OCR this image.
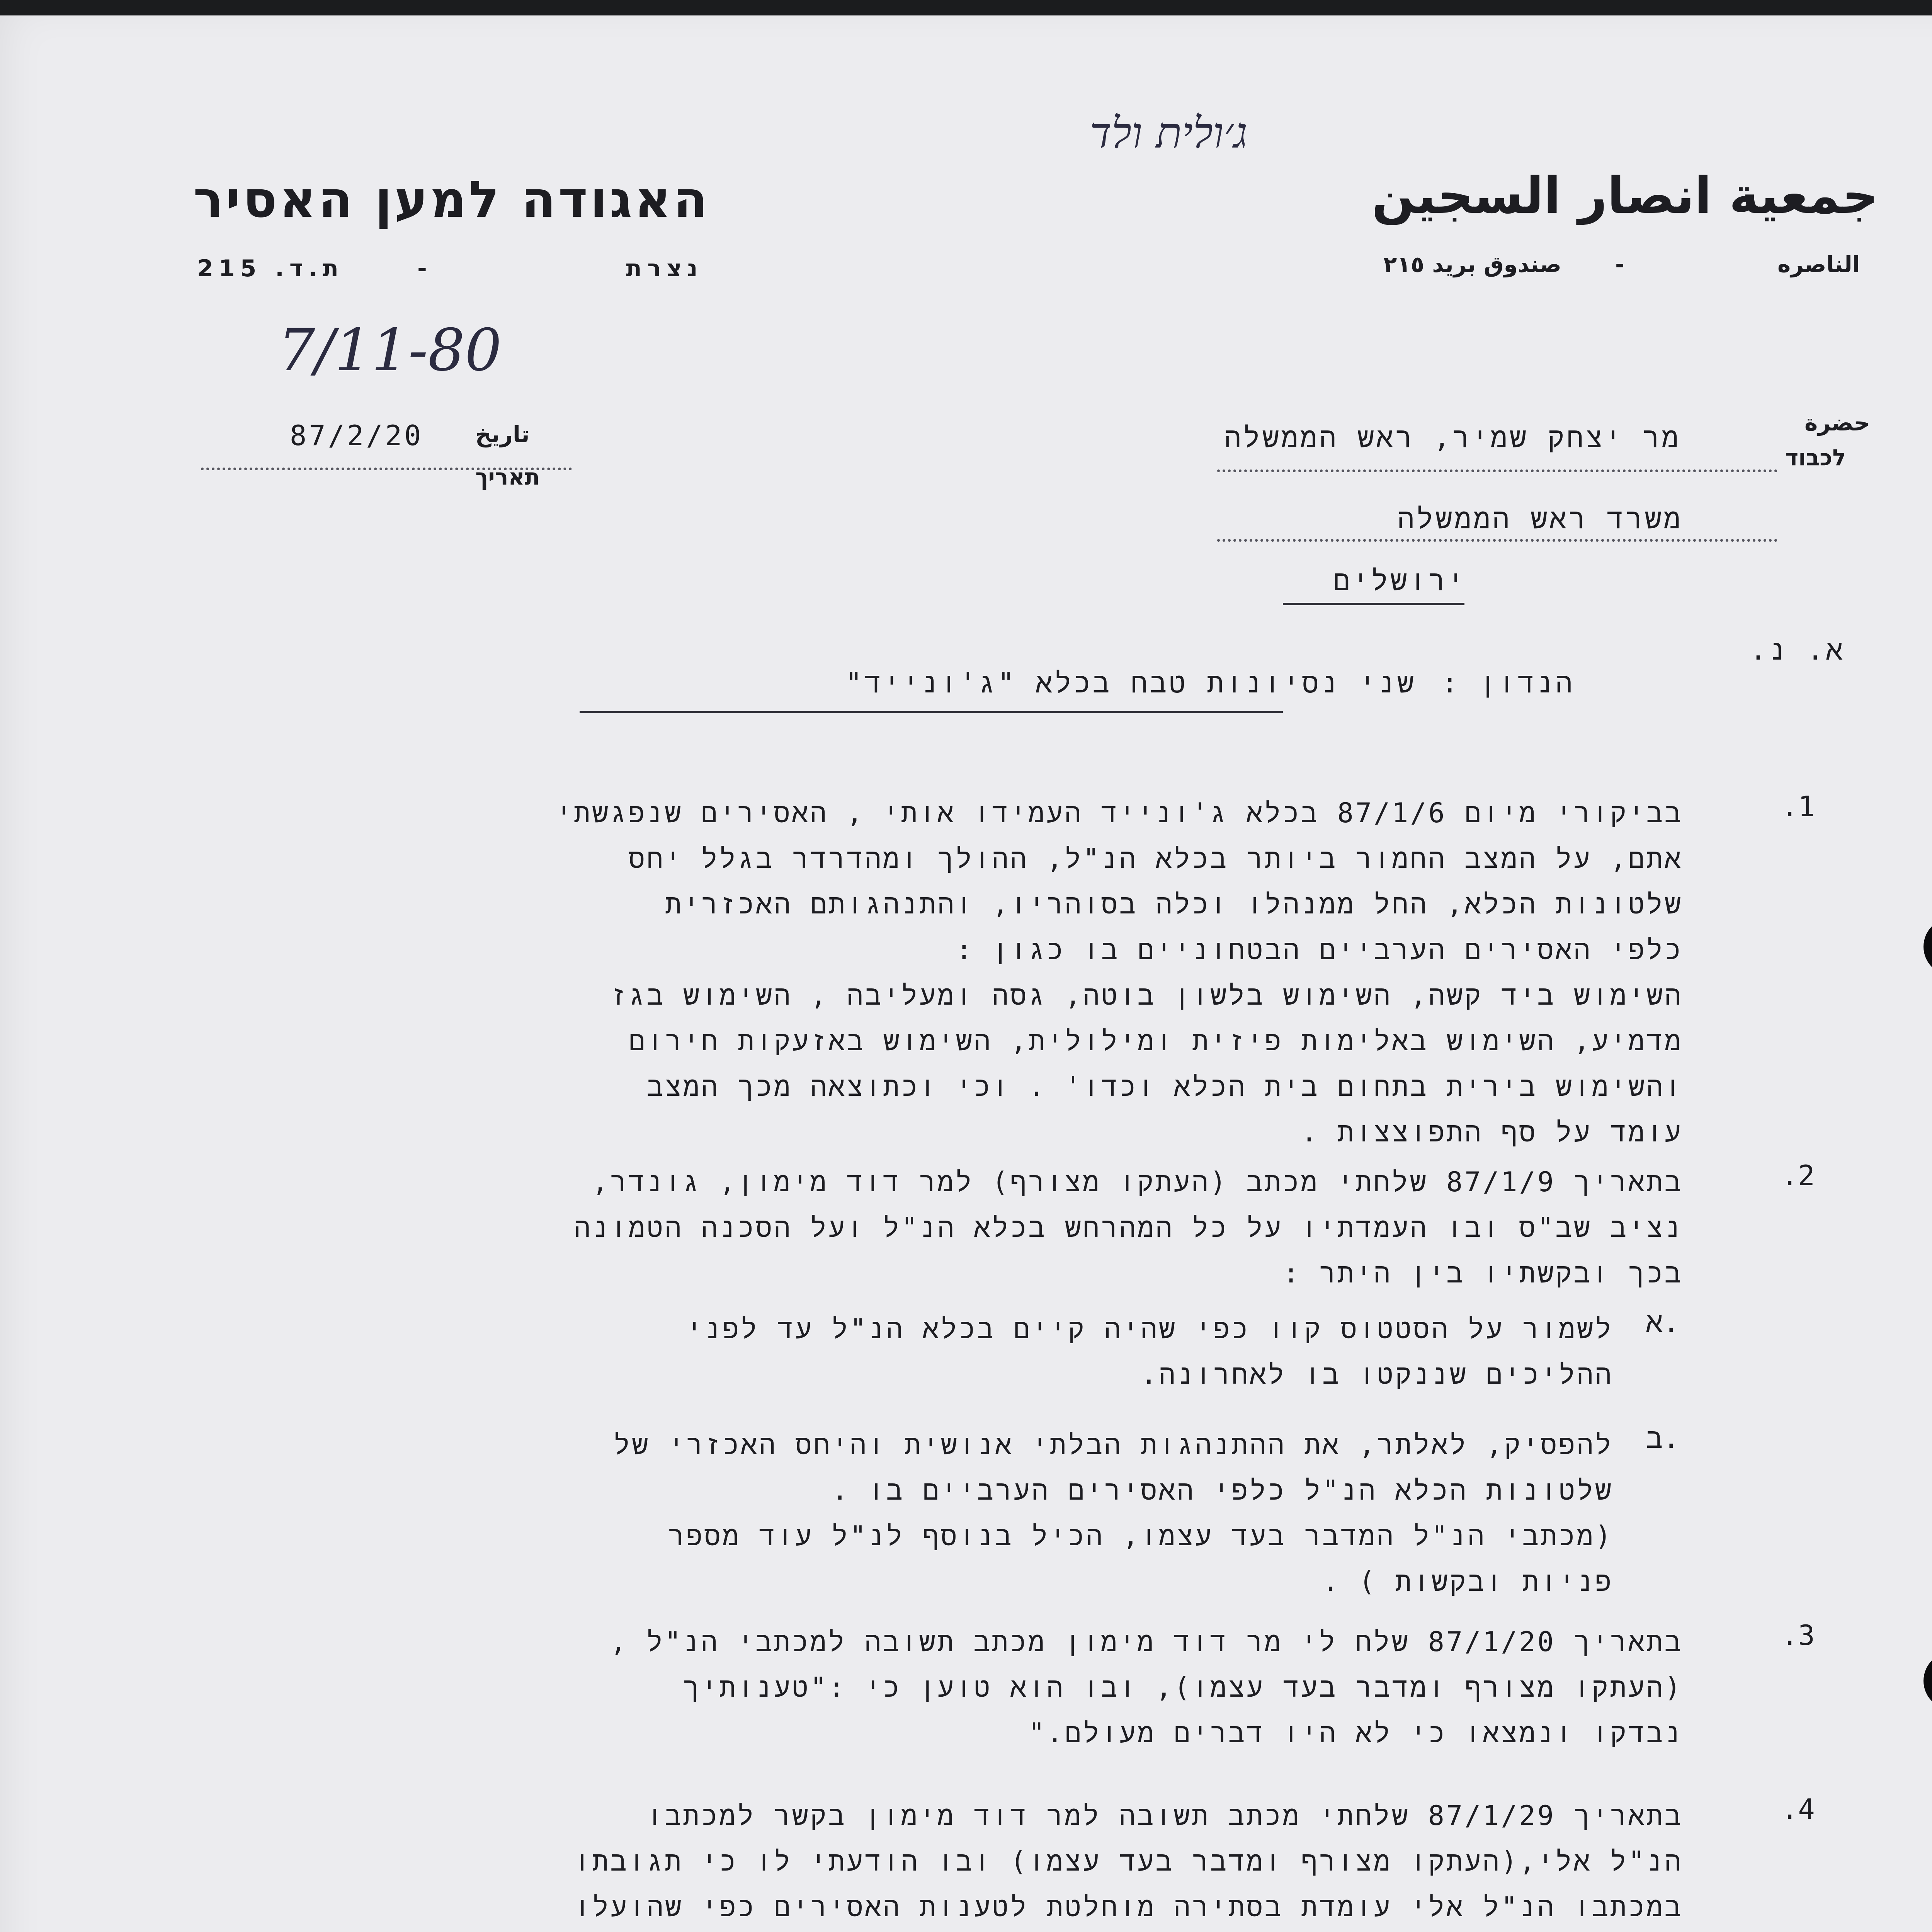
ג׳ולית ולד
האגודה למען האסיר	جمعية انصار السجين
ת.ד. 215	-	נצרת	صندوق بريد ٢١٥ -	الناصره
7/11-80
87/2/20 تاريخ
תאריך
حضرة
לכבוד
מר יצחק שמיר, ראש הממשלה
משרד ראש הממשלה
ירושלים
א. נ.
הנדון :
שני נסיונות טבח בכלא "ג'ונייד"
.1
בביקורי מיום 87/1/6 בכלא ג'ונייד העמידו אותי , האסירים שנפגשתי
אתם, על המצב החמור ביותר בכלא הנ"ל, ההולך ומהדרדר בגלל יחס
שלטונות הכלא, החל ממנהלו וכלה בסוהריו, והתנהגותם האכזרית
כלפי האסירים הערביים הבטחוניים בו כגון :
השימוש ביד קשה, השימוש בלשון בוטה, גסה ומעליבה , השימוש בגז
מדמיע, השימוש באלימות פיזית ומילולית, השימוש באזעקות חירום
והשימוש בירית בתחום בית הכלא וכדו' . וכי וכתוצאה מכך המצב
עומד על סף התפוצצות .
.2
בתאריך 87/1/9 שלחתי מכתב (העתקו מצורף) למר דוד מימון, גונדר,
נציב שב"ס ובו העמדתיו על כל המהרחש בכלא הנ"ל ועל הסכנה הטמונה
בכך ובקשתיו בין היתר :
א.
לשמור על הסטטוס קוו כפי שהיה קיים בכלא הנ"ל עד לפני
ההליכים שננקטו בו לאחרונה.
ב.
להפסיק, לאלתר, את ההתנהגות הבלתי אנושית והיחס האכזרי של
שלטונות הכלא הנ"ל כלפי האסירים הערביים בו .
(מכתבי הנ"ל המדבר בעד עצמו, הכיל בנוסף לנ"ל עוד מספר
פניות ובקשות ) .
.3
בתאריך 87/1/20 שלח לי מר דוד מימון מכתב תשובה למכתבי הנ"ל ,
(העתקו מצורף ומדבר בעד עצמו), ובו הוא טוען כי :"טענותיך
נבדקו ונמצאו כי לא היו דברים מעולם."
.4
בתאריך 87/1/29 שלחתי מכתב תשובה למר דוד מימון בקשר למכתבו
הנ"ל אלי,(העתקו מצורף ומדבר בעד עצמו) ובו הודעתי לו כי תגובתו
במכתבו הנ"ל אלי עומדת בסתירה מוחלטת לטענות האסירים כפי שהועלו
